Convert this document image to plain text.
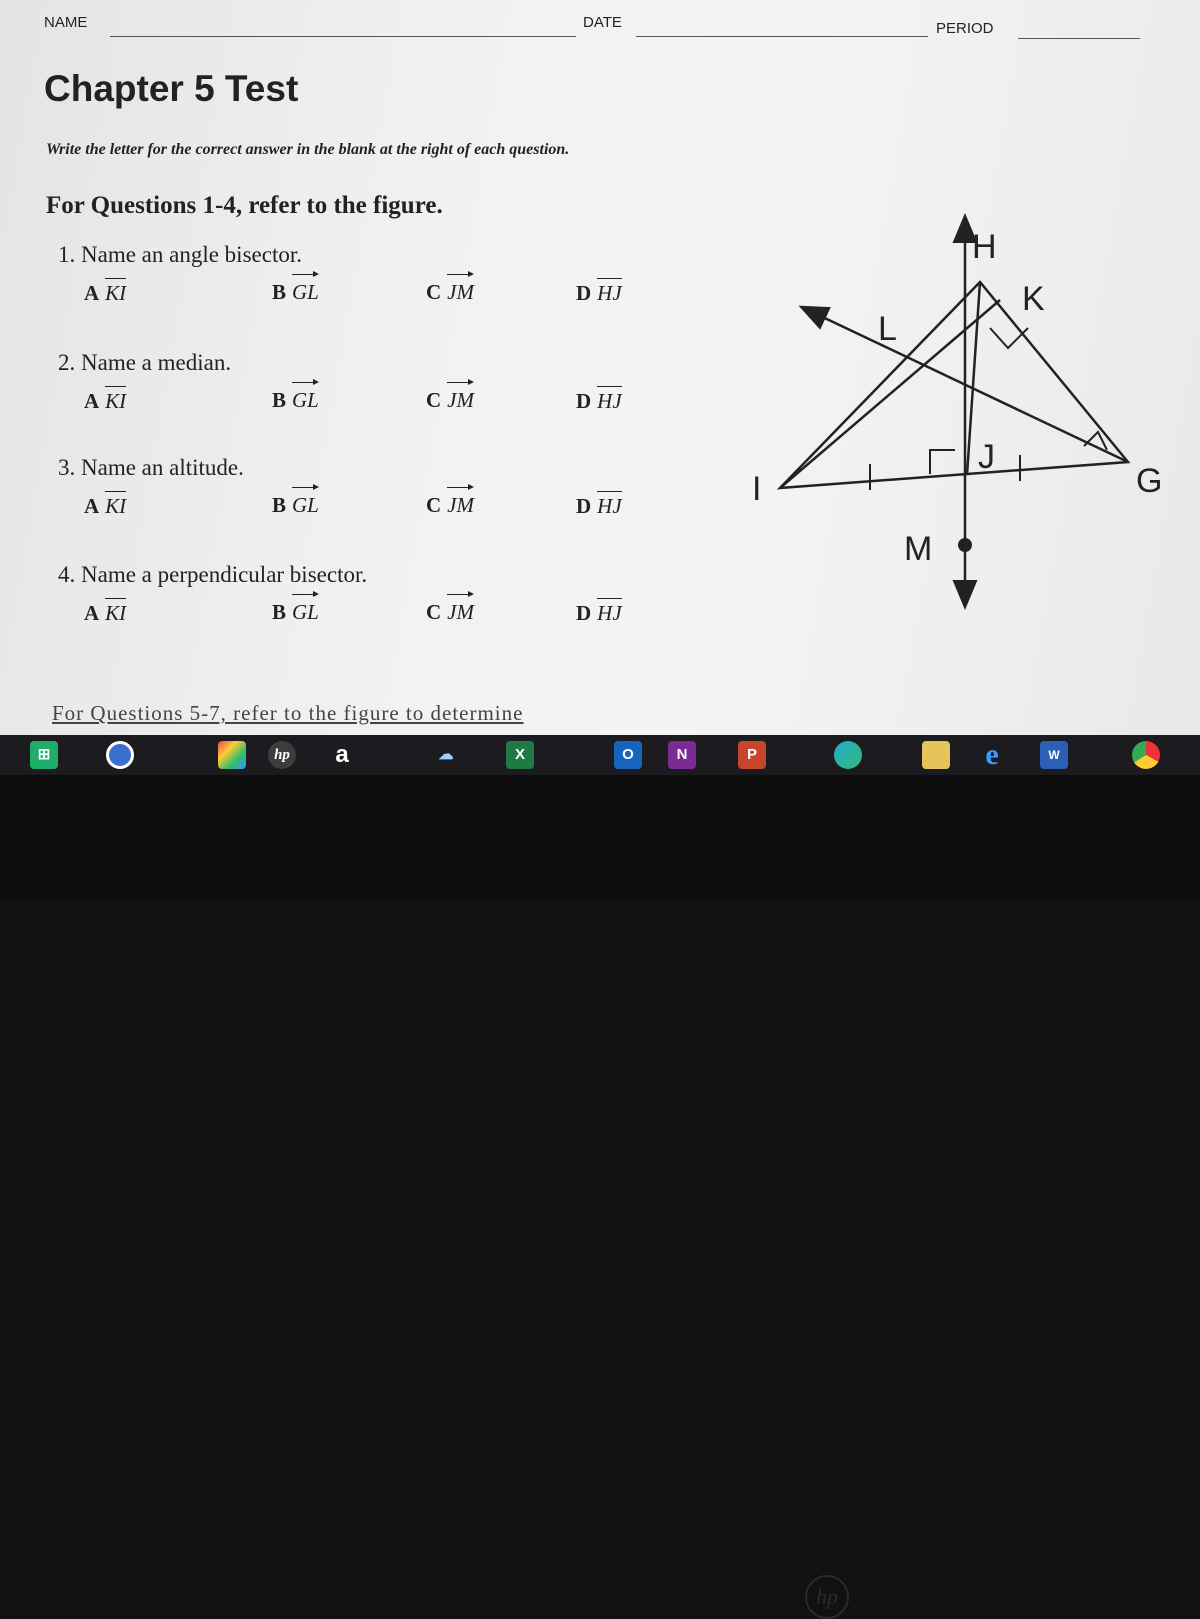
NAME	DATE	PERIOD
Chapter 5 Test
Write the letter for the correct answer in the blank at the right of each question.
For Questions 1-4, refer to the figure.
1. Name an angle bisector.
A KI	B GL	C JM	D HJ
2. Name a median.
A KI	B GL	C JM	D HJ
3. Name an altitude.
A KI	B GL	C JM	D HJ
4. Name a perpendicular bisector.
A KI	B GL	C JM	D HJ
For Questions 5-7, refer to the figure to determine
H
K
L
J
I	G
M
⊞	hp	a	☁	X	O	N	P	e	W
hp
